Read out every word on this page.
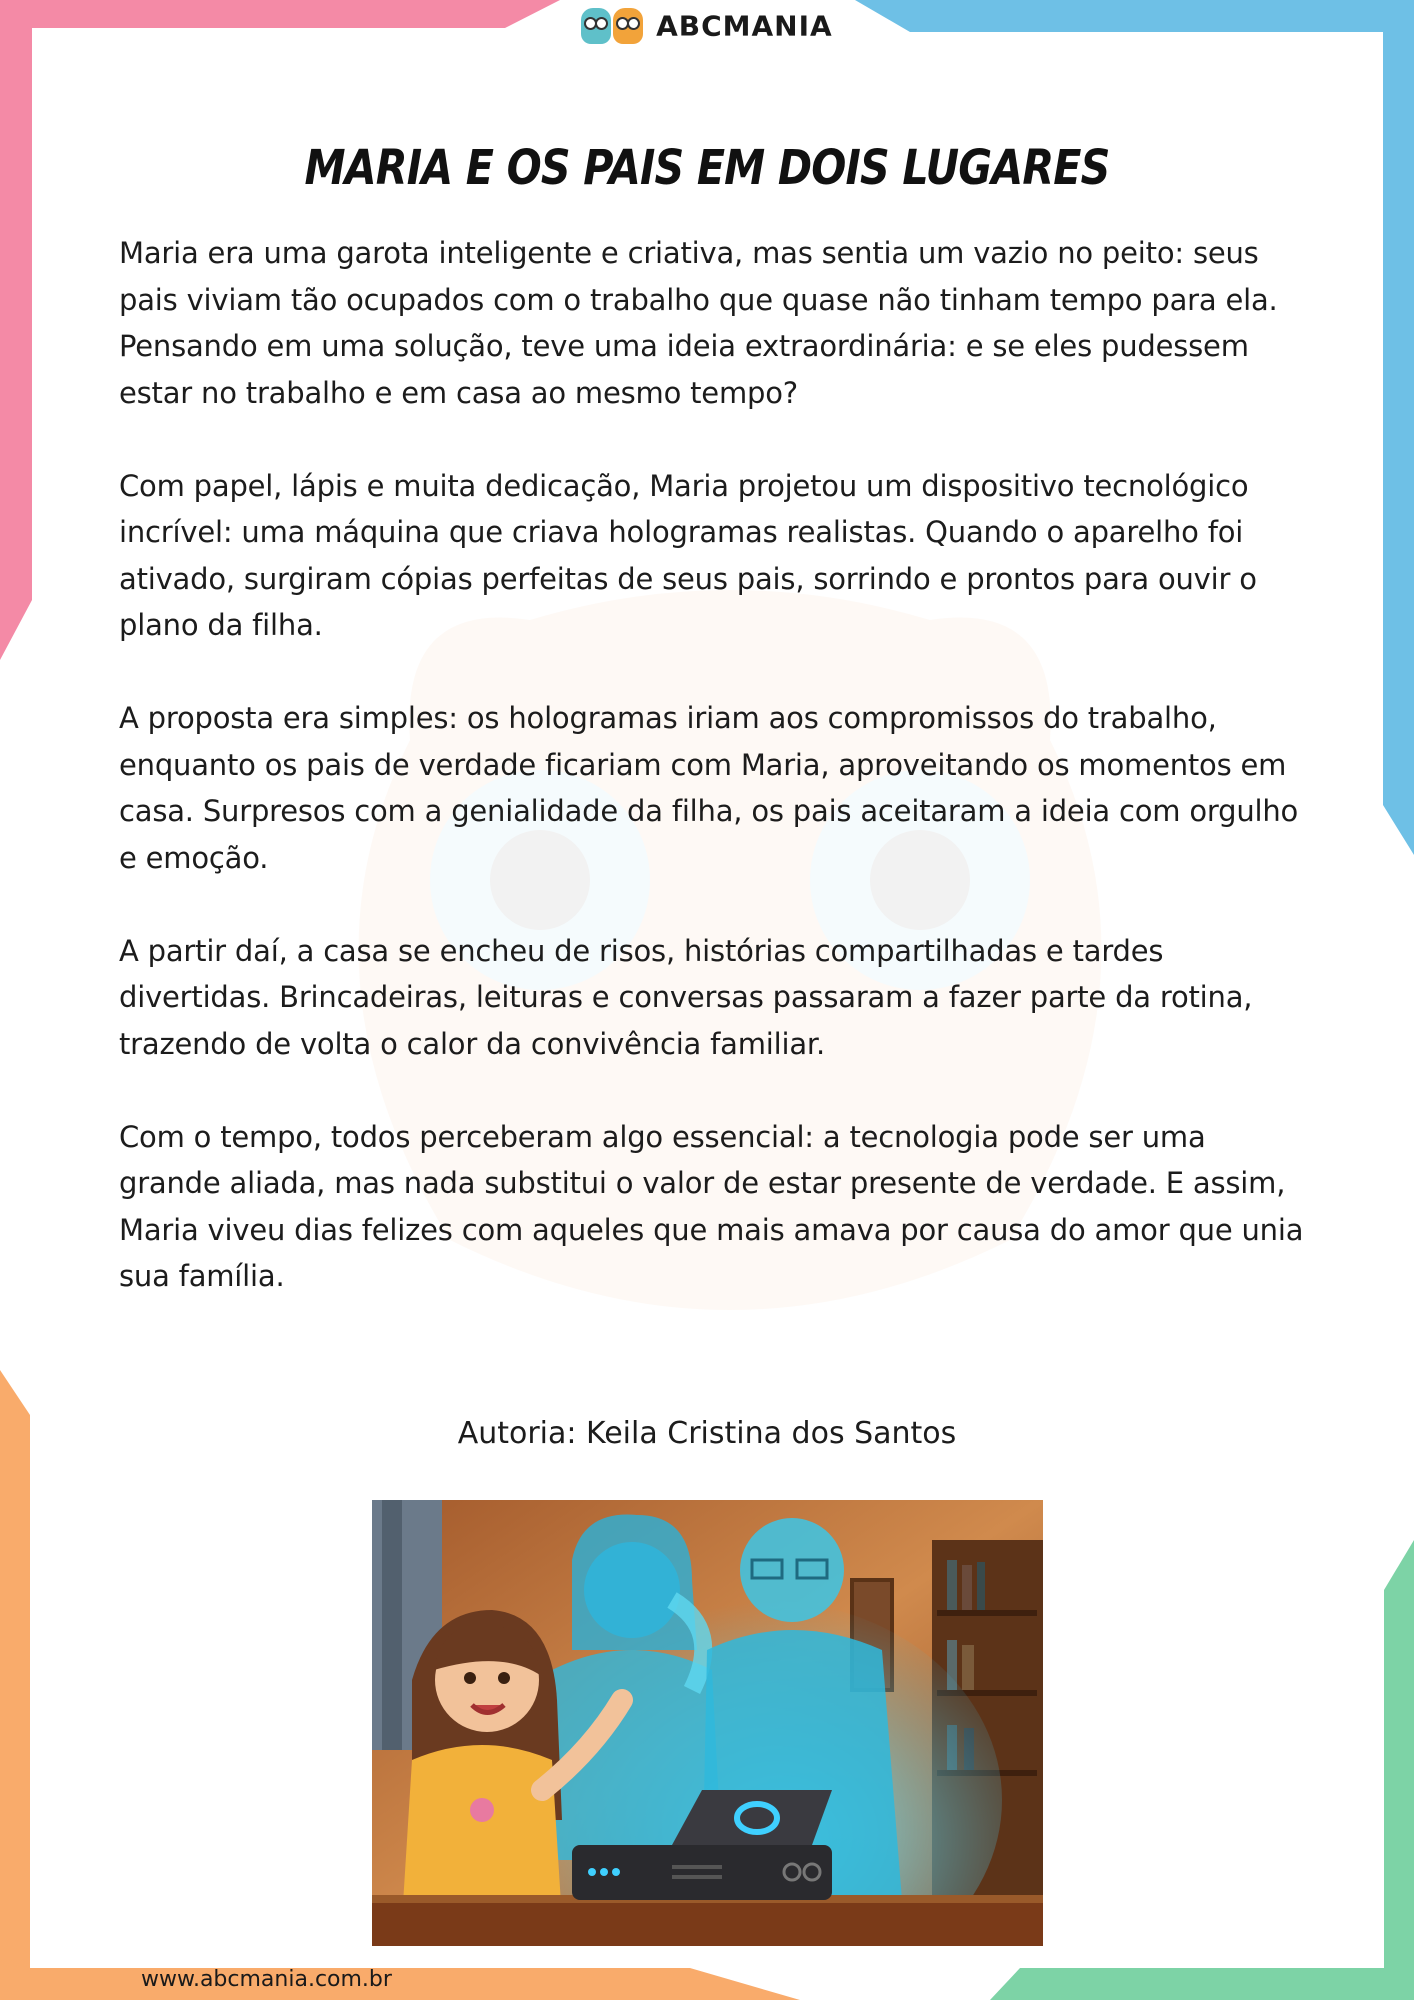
ABCMANIA
MARIA E OS PAIS EM DOIS LUGARES

Maria era uma garota inteligente e criativa, mas sentia um vazio no peito: seus pais viviam tão ocupados com o trabalho que quase não tinham tempo para ela. Pensando em uma solução, teve uma ideia extraordinária: e se eles pudessem estar no trabalho e em casa ao mesmo tempo?

Com papel, lápis e muita dedicação, Maria projetou um dispositivo tecnológico incrível: uma máquina que criava hologramas realistas. Quando o aparelho foi ativado, surgiram cópias perfeitas de seus pais, sorrindo e prontos para ouvir o plano da filha.

A proposta era simples: os hologramas iriam aos compromissos do trabalho, enquanto os pais de verdade ficariam com Maria, aproveitando os momentos em casa. Surpresos com a genialidade da filha, os pais aceitaram a ideia com orgulho e emoção.

A partir daí, a casa se encheu de risos, histórias compartilhadas e tardes divertidas. Brincadeiras, leituras e conversas passaram a fazer parte da rotina, trazendo de volta o calor da convivência familiar.

Com o tempo, todos perceberam algo essencial: a tecnologia pode ser uma grande aliada, mas nada substitui o valor de estar presente de verdade. E assim, Maria viveu dias felizes com aqueles que mais amava por causa do amor que unia sua família.

Autoria: Keila Cristina dos Santos
www.abcmania.com.br
